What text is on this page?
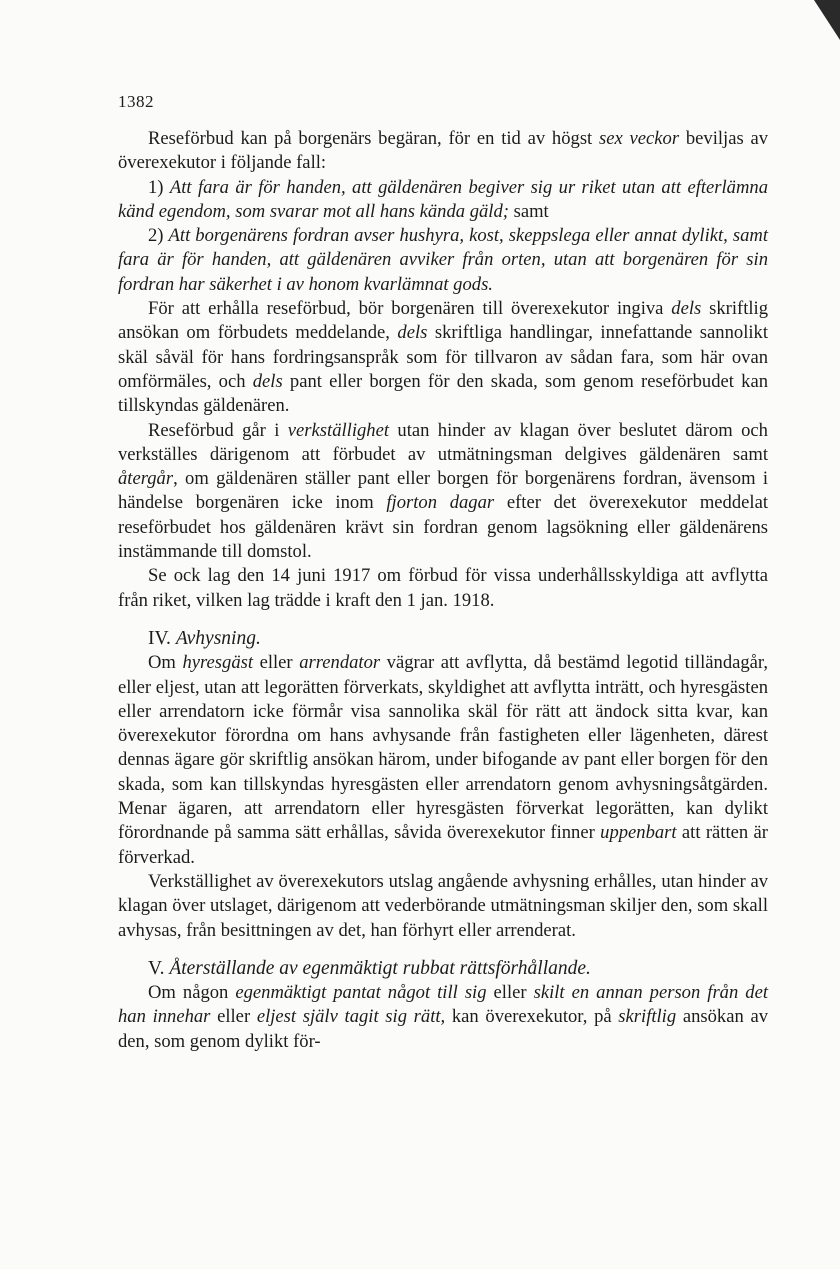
1382

Reseförbud kan på borgenärs begäran, för en tid av högst sex veckor beviljas av överexekutor i följande fall:

1) Att fara är för handen, att gäldenären begiver sig ur riket utan att efterlämna känd egendom, som svarar mot all hans kända gäld; samt

2) Att borgenärens fordran avser hushyra, kost, skeppslega eller annat dylikt, samt fara är för handen, att gäldenären avviker från orten, utan att borgenären för sin fordran har säkerhet i av honom kvarlämnat gods.

För att erhålla reseförbud, bör borgenären till överexekutor ingiva dels skriftlig ansökan om förbudets meddelande, dels skriftliga handlingar, innefattande sannolikt skäl såväl för hans fordringsanspråk som för tillvaron av sådan fara, som här ovan omförmäles, och dels pant eller borgen för den skada, som genom reseförbudet kan tillskyndas gäldenären.

Reseförbud går i verkställighet utan hinder av klagan över beslutet därom och verkställes därigenom att förbudet av utmätningsman delgives gäldenären samt återgår, om gäldenären ställer pant eller borgen för borgenärens fordran, ävensom i händelse borgenären icke inom fjorton dagar efter det överexekutor meddelat reseförbudet hos gäldenären krävt sin fordran genom lagsökning eller gäldenärens instämmande till domstol.

Se ock lag den 14 juni 1917 om förbud för vissa underhållsskyldiga att avflytta från riket, vilken lag trädde i kraft den 1 jan. 1918.

IV. Avhysning.

Om hyresgäst eller arrendator vägrar att avflytta, då bestämd legotid tilländagår, eller eljest, utan att legorätten förverkats, skyldighet att avflytta inträtt, och hyresgästen eller arrendatorn icke förmår visa sannolika skäl för rätt att ändock sitta kvar, kan överexekutor förordna om hans avhysande från fastigheten eller lägenheten, därest dennas ägare gör skriftlig ansökan härom, under bifogande av pant eller borgen för den skada, som kan tillskyndas hyresgästen eller arrendatorn genom avhysningsåtgärden. Menar ägaren, att arrendatorn eller hyresgästen förverkat legorätten, kan dylikt förordnande på samma sätt erhållas, såvida överexekutor finner uppenbart att rätten är förverkad.

Verkställighet av överexekutors utslag angående avhysning erhålles, utan hinder av klagan över utslaget, därigenom att vederbörande utmätningsman skiljer den, som skall avhysas, från besittningen av det, han förhyrt eller arrenderat.

V. Återställande av egenmäktigt rubbat rättsförhållande.

Om någon egenmäktigt pantat något till sig eller skilt en annan person från det han innehar eller eljest själv tagit sig rätt, kan överexekutor, på skriftlig ansökan av den, som genom dylikt för-
